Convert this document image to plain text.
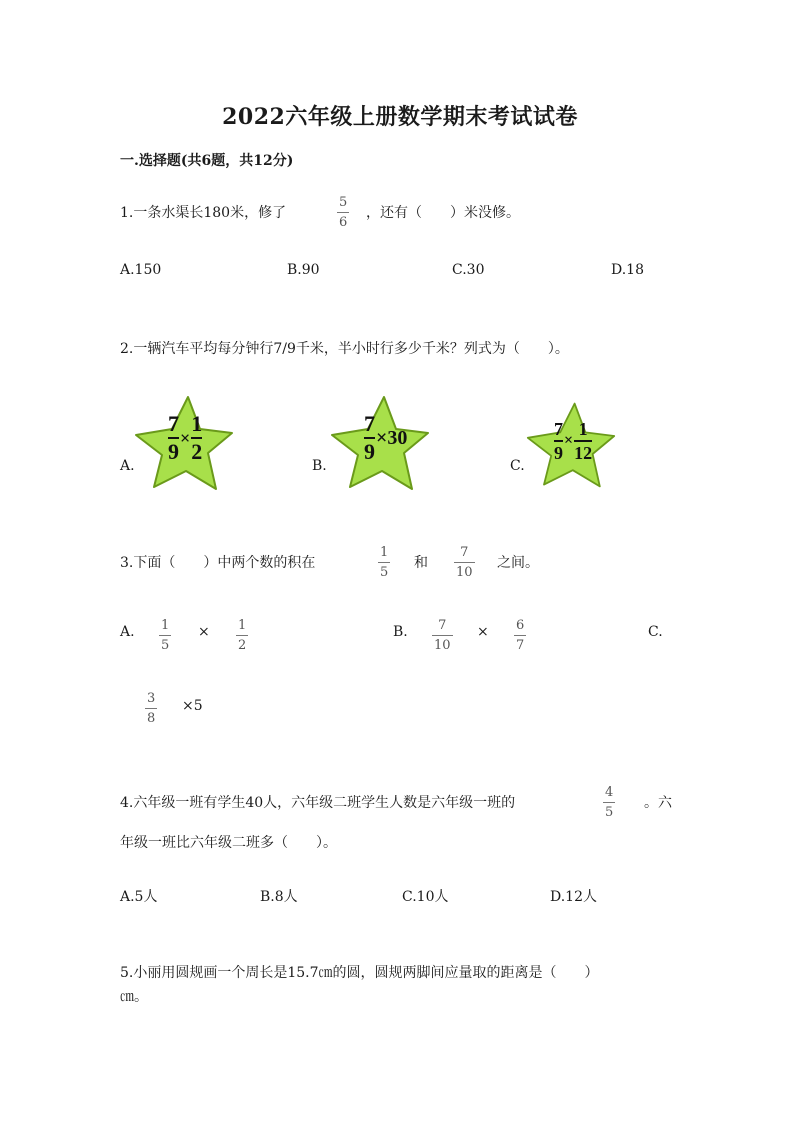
2022六年级上册数学期末考试试卷
一.选择题(共6题，共12分)
1.一条水渠长180米，修了
5
6
，还有（　　）米没修。
A.150	B.90	C.30	D.18
2.一辆汽车平均每分钟行7/9千米，半小时行多少千米？列式为（　　）。
A.
7
9
×
1
2
B.
7
9
×30
C.
7
9
×
1
12
3.下面（　　）中两个数的积在
1
5
和
7
10
之间。
A. 1
5
× 1
2
B. 7
10
× 6
7
C.
3
8
×5
4.六年级一班有学生40人，六年级二班学生人数是六年级一班的
4
5
。六
年级一班比六年级二班多（　　）。
A.5人	B.8人	C.10人	D.12人
5.小丽用圆规画一个周长是15.7㎝的圆，圆规两脚间应量取的距离是（　　）
㎝。
